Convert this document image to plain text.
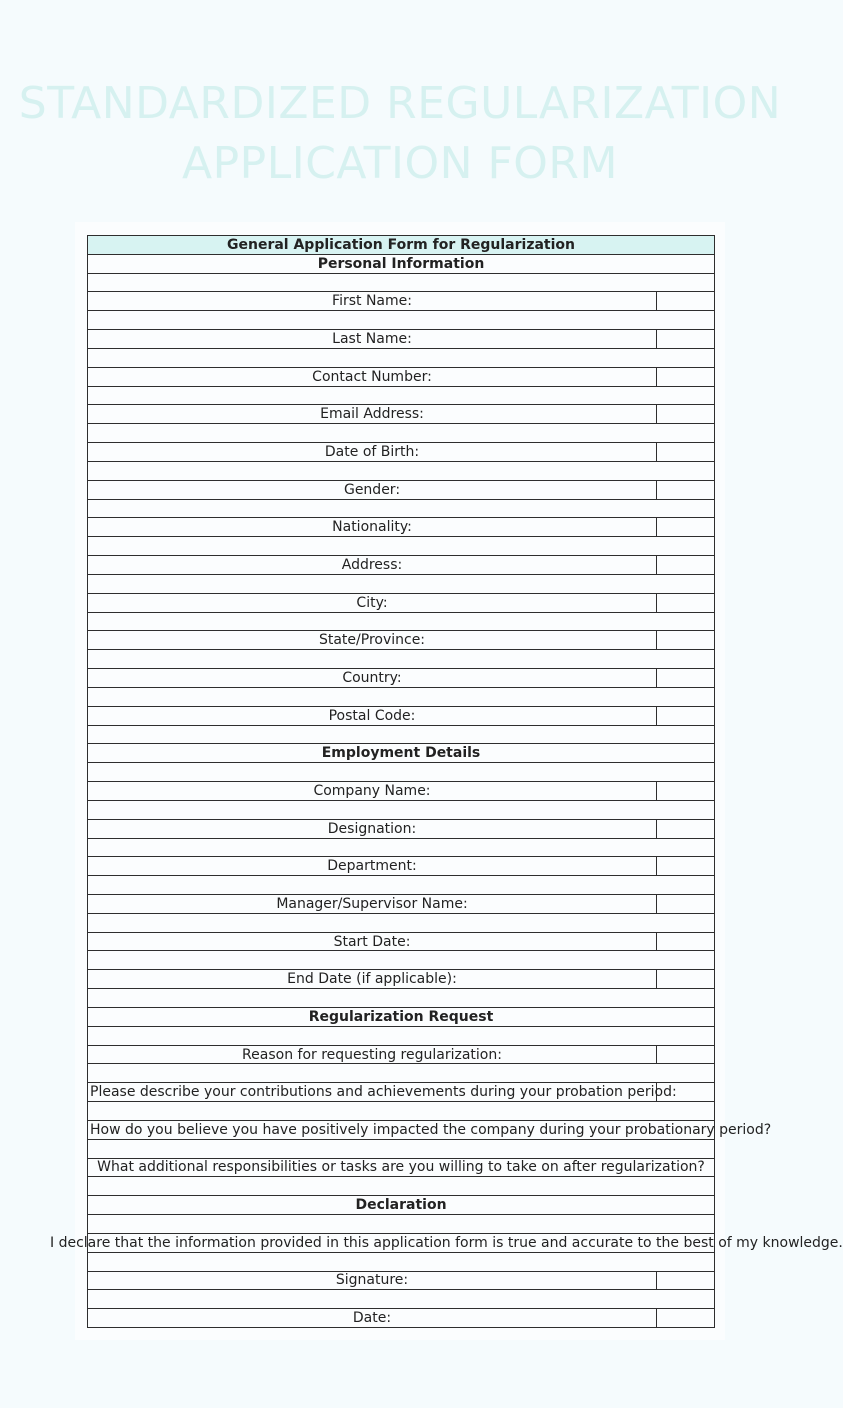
STANDARDIZED REGULARIZATION
APPLICATION FORM
General Application Form for Regularization	
Personal Information	

First Name:	

Last Name:	

Contact Number:	

Email Address:	

Date of Birth:	

Gender:	

Nationality:	

Address:	

City:	

State/Province:	

Country:	

Postal Code:	

Employment Details	

Company Name:	

Designation:	

Department:	

Manager/Supervisor Name:	

Start Date:	

End Date (if applicable):	

Regularization Request	

Reason for requesting regularization:	

Please describe your contributions and achievements during your probation period:	

How do you believe you have positively impacted the company during your probationary period?	

What additional responsibilities or tasks are you willing to take on after regularization?	

Declaration	

I declare that the information provided in this application form is true and accurate to the best of my knowledge.	

Signature:	

Date:	
